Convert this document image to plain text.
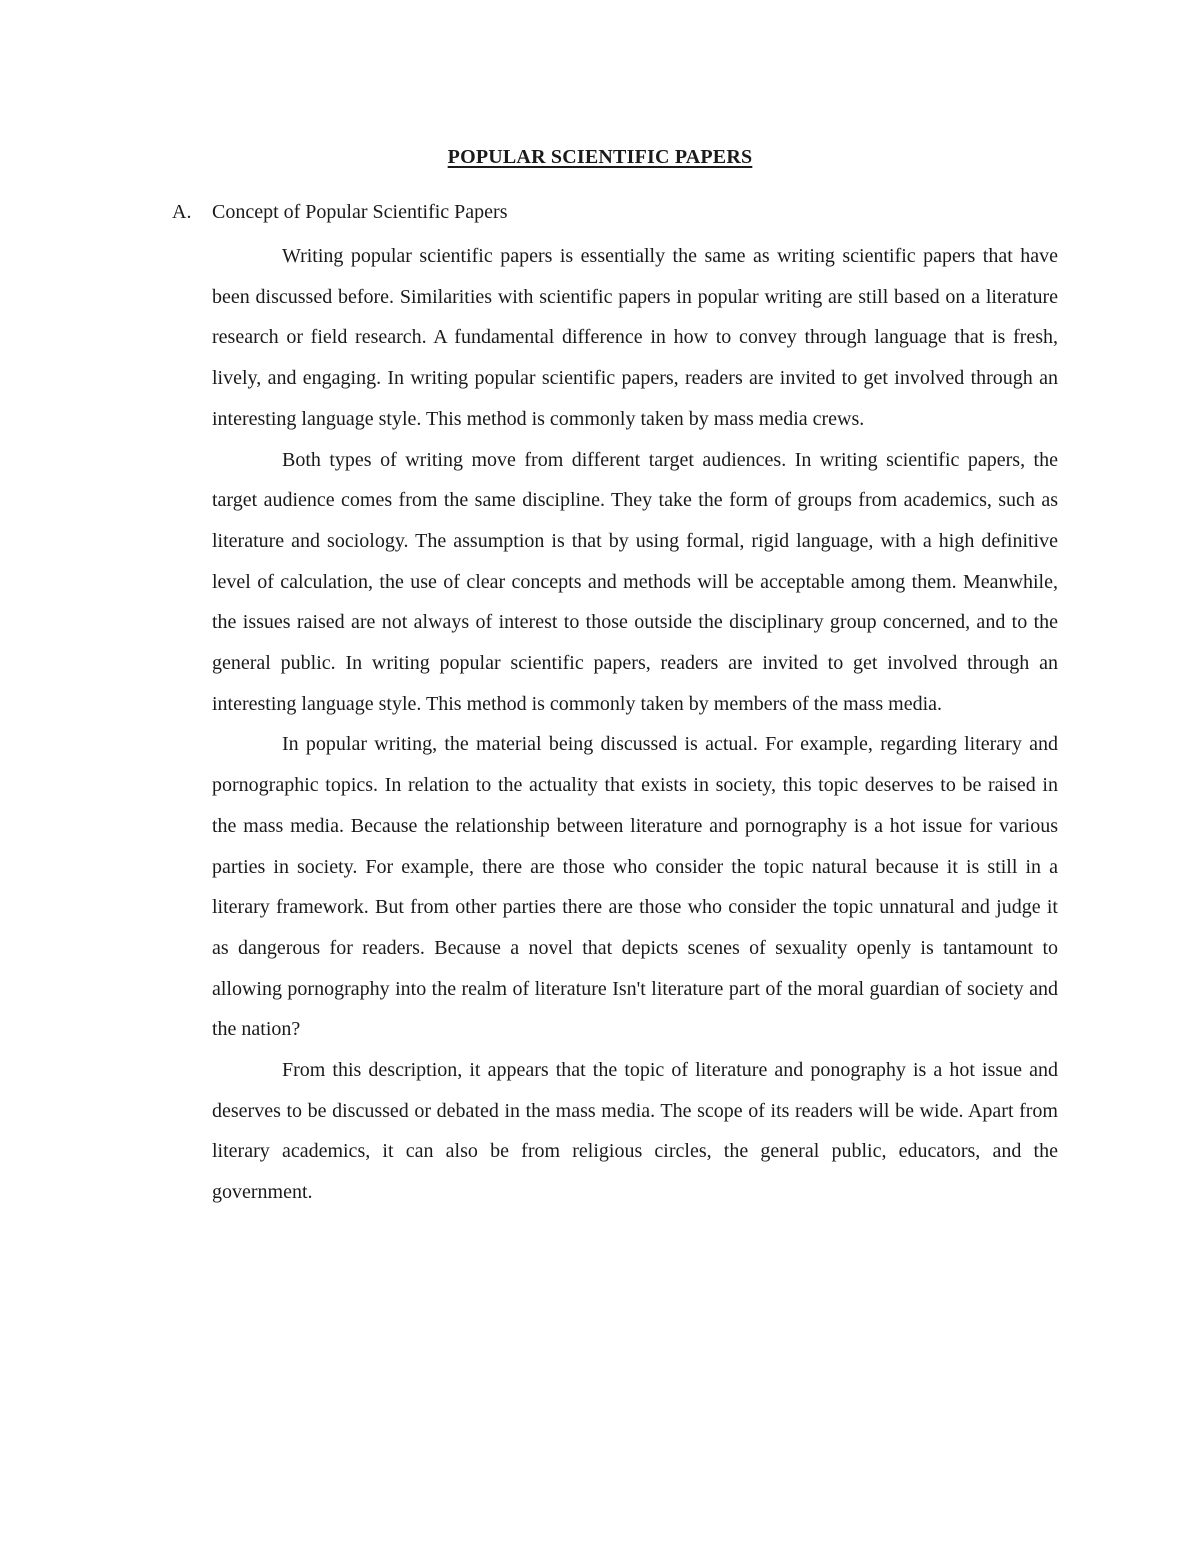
POPULAR SCIENTIFIC PAPERS
A. Concept of Popular Scientific Papers

Writing popular scientific papers is essentially the same as writing scientific papers that have been discussed before. Similarities with scientific papers in popular writing are still based on a literature research or field research. A fundamental difference in how to convey through language that is fresh, lively, and engaging. In writing popular scientific papers, readers are invited to get involved through an interesting language style. This method is commonly taken by mass media crews.

Both types of writing move from different target audiences. In writing scientific papers, the target audience comes from the same discipline. They take the form of groups from academics, such as literature and sociology. The assumption is that by using formal, rigid language, with a high definitive level of calculation, the use of clear concepts and methods will be acceptable among them. Meanwhile, the issues raised are not always of interest to those outside the disciplinary group concerned, and to the general public. In writing popular scientific papers, readers are invited to get involved through an interesting language style. This method is commonly taken by members of the mass media.

In popular writing, the material being discussed is actual. For example, regarding literary and pornographic topics. In relation to the actuality that exists in society, this topic deserves to be raised in the mass media. Because the relationship between literature and pornography is a hot issue for various parties in society. For example, there are those who consider the topic natural because it is still in a literary framework. But from other parties there are those who consider the topic unnatural and judge it as dangerous for readers. Because a novel that depicts scenes of sexuality openly is tantamount to allowing pornography into the realm of literature Isn't literature part of the moral guardian of society and the nation?

From this description, it appears that the topic of literature and ponography is a hot issue and deserves to be discussed or debated in the mass media. The scope of its readers will be wide. Apart from literary academics, it can also be from religious circles, the general public, educators, and the government.
